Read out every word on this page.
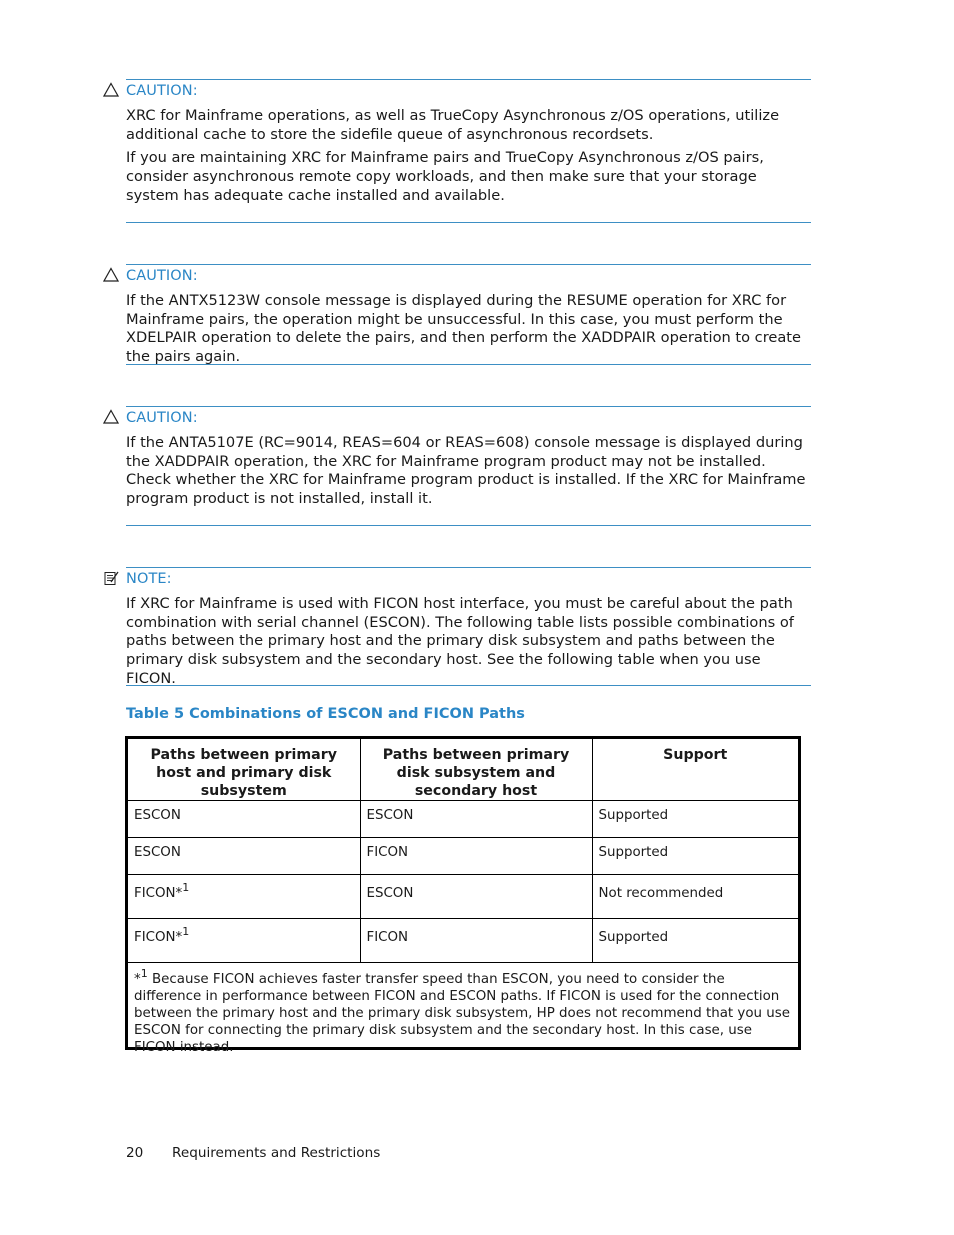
CAUTION:

XRC for Mainframe operations, as well as TrueCopy Asynchronous z/OS operations, utilize additional cache to store the sidefile queue of asynchronous recordsets.

If you are maintaining XRC for Mainframe pairs and TrueCopy Asynchronous z/OS pairs, consider asynchronous remote copy workloads, and then make sure that your storage system has adequate cache installed and available.

CAUTION:

If the ANTX5123W console message is displayed during the RESUME operation for XRC for Mainframe pairs, the operation might be unsuccessful. In this case, you must perform the XDELPAIR operation to delete the pairs, and then perform the XADDPAIR operation to create the pairs again.

CAUTION:

If the ANTA5107E (RC=9014, REAS=604 or REAS=608) console message is displayed during the XADDPAIR operation, the XRC for Mainframe program product may not be installed. Check whether the XRC for Mainframe program product is installed. If the XRC for Mainframe program product is not installed, install it.

NOTE:

If XRC for Mainframe is used with FICON host interface, you must be careful about the path combination with serial channel (ESCON). The following table lists possible combinations of paths between the primary host and the primary disk subsystem and paths between the primary disk subsystem and the secondary host. See the following table when you use FICON.

Table 5 Combinations of ESCON and FICON Paths
Paths between primary host and primary disk subsystem	Paths between primary disk subsystem and secondary host	Support

ESCON	ESCON	Supported

ESCON	FICON	Supported

FICON*$^1$	ESCON	Not recommended

FICON*$^1$	FICON	Supported

*$^1$ Because FICON achieves faster transfer speed than ESCON, you need to consider the difference in performance between FICON and ESCON paths. If FICON is used for the connection between the primary host and the primary disk subsystem, HP does not recommend that you use ESCON for connecting the primary disk subsystem and the secondary host. In this case, use FICON instead.		
20 Requirements and Restrictions
